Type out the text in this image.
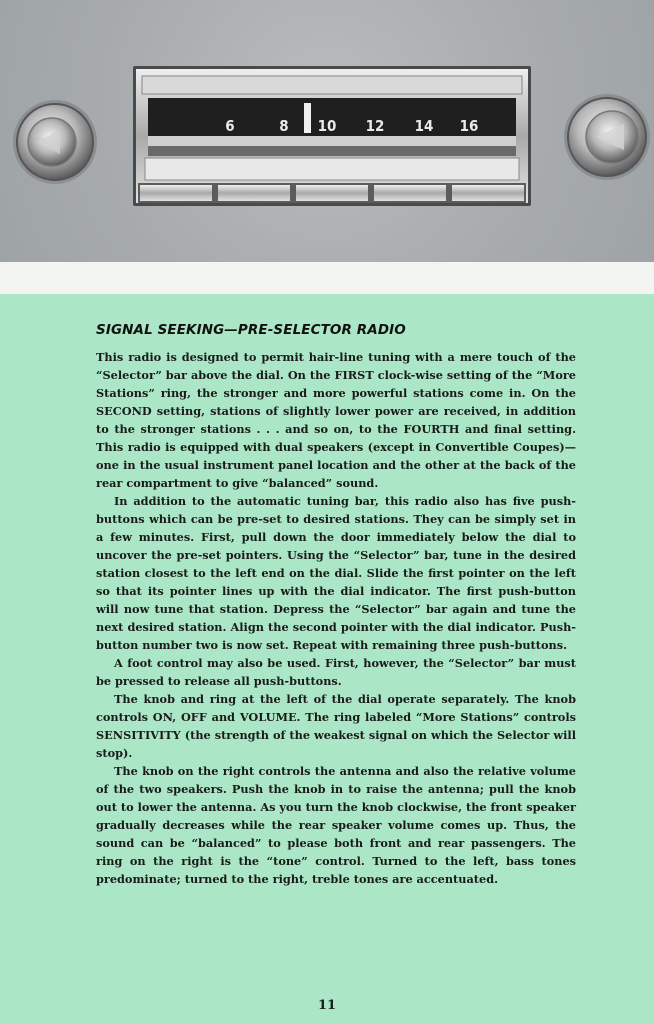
6	8 10 12 14 16
SIGNAL SEEKING—PRE-SELECTOR RADIO

This radio is designed to permit hair-line tuning with a mere touch of the “Selector” bar above the dial. On the FIRST clock-wise setting of the “More Stations” ring, the stronger and more powerful stations come in. On the SECOND setting, stations of slightly lower power are received, in addition to the stronger stations . . . and so on, to the FOURTH and final setting. This radio is equipped with dual speakers (except in Convertible Coupes)—one in the usual instrument panel location and the other at the back of the rear compartment to give “balanced” sound.

In addition to the automatic tuning bar, this radio also has five push-buttons which can be pre-set to desired stations. They can be simply set in a few minutes. First, pull down the door immediately below the dial to uncover the pre-set pointers. Using the “Selector” bar, tune in the desired station closest to the left end on the dial. Slide the first pointer on the left so that its pointer lines up with the dial indicator. The first push-button will now tune that station. Depress the “Selector” bar again and tune the next desired station. Align the second pointer with the dial indicator. Push-button number two is now set. Repeat with remaining three push-buttons.

A foot control may also be used. First, however, the “Selector” bar must be pressed to release all push-buttons.

The knob and ring at the left of the dial operate separately. The knob controls ON, OFF and VOLUME. The ring labeled “More Stations” controls SENSITIVITY (the strength of the weakest signal on which the Selector will stop).

The knob on the right controls the antenna and also the relative volume of the two speakers. Push the knob in to raise the antenna; pull the knob out to lower the antenna. As you turn the knob clockwise, the front speaker gradually decreases while the rear speaker volume comes up. Thus, the sound can be “balanced” to please both front and rear passengers. The ring on the right is the “tone” control. Turned to the left, bass tones predominate; turned to the right, treble tones are accentuated.

11
